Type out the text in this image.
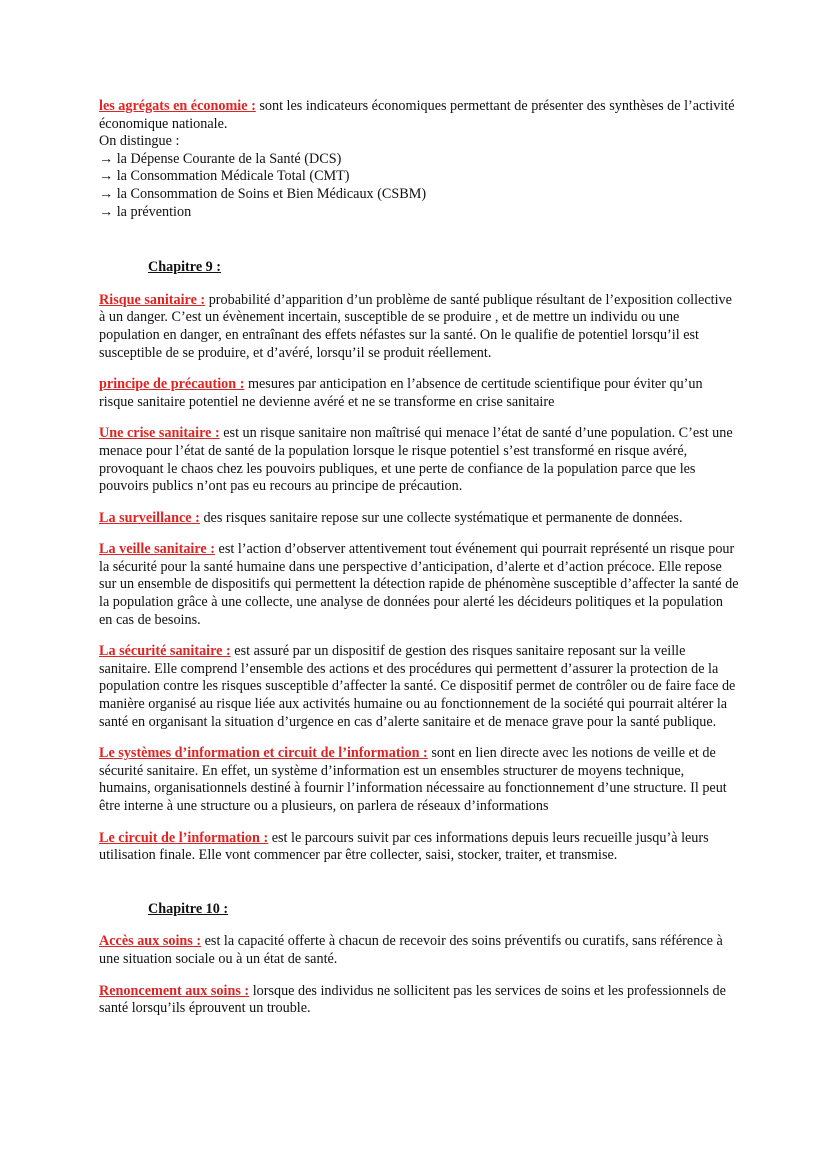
les agrégats en économie : sont les indicateurs économiques permettant de présenter des synthèses de l’activité économique nationale.

On distingue :

→ la Dépense Courante de la Santé (DCS)
→ la Consommation Médicale Total (CMT)
→ la Consommation de Soins et Bien Médicaux (CSBM)
→ la prévention

Chapitre 9 :

Risque sanitaire : probabilité d’apparition d’un problème de santé publique résultant de l’exposition collective à un danger. C’est un évènement incertain, susceptible de se produire , et de mettre un individu ou une population en danger, en entraînant des effets néfastes sur la santé. On le qualifie de potentiel lorsqu’il est susceptible de se produire, et d’avéré, lorsqu’il se produit réellement.

principe de précaution : mesures par anticipation en l’absence de certitude scientifique pour éviter qu’un risque sanitaire potentiel ne devienne avéré et ne se transforme en crise sanitaire

Une crise sanitaire : est un risque sanitaire non maîtrisé qui menace l’état de santé d’une population. C’est une menace pour l’état de santé de la population lorsque le risque potentiel s’est transformé en risque avéré, provoquant le chaos chez les pouvoirs publiques, et une perte de confiance de la population parce que les pouvoirs publics n’ont pas eu recours au principe de précaution.

La surveillance : des risques sanitaire repose sur une collecte systématique et permanente de données.

La veille sanitaire : est l’action d’observer attentivement tout événement qui pourrait représenté un risque pour la sécurité pour la santé humaine dans une perspective d’anticipation, d’alerte et d’action précoce. Elle repose sur un ensemble de dispositifs qui permettent la détection rapide de phénomène susceptible d’affecter la santé de la population grâce à une collecte, une analyse de données pour alerté les décideurs politiques et la population en cas de besoins.

La sécurité sanitaire : est assuré par un dispositif de gestion des risques sanitaire reposant sur la veille sanitaire. Elle comprend l’ensemble des actions et des procédures qui permettent d’assurer la protection de la population contre les risques susceptible d’affecter la santé. Ce dispositif permet de contrôler ou de faire face de manière organisé au risque liée aux activités humaine ou au fonctionnement de la société qui pourrait altérer la santé en organisant la situation d’urgence en cas d’alerte sanitaire et de menace grave pour la santé publique.

Le systèmes d’information et circuit de l’information : sont en lien directe avec les notions de veille et de sécurité sanitaire. En effet, un système d’information est un ensembles structurer de moyens technique, humains, organisationnels destiné à fournir l’information nécessaire au fonctionnement d’une structure. Il peut être interne à une structure ou a plusieurs, on parlera de réseaux d’informations

Le circuit de l’information : est le parcours suivit par ces informations depuis leurs recueille jusqu’à leurs utilisation finale. Elle vont commencer par être collecter, saisi, stocker, traiter, et transmise.

Chapitre 10 :

Accès aux soins : est la capacité offerte à chacun de recevoir des soins préventifs ou curatifs, sans référence à une situation sociale ou à un état de santé.

Renoncement aux soins : lorsque des individus ne sollicitent pas les services de soins et les professionnels de santé lorsqu’ils éprouvent un trouble.
